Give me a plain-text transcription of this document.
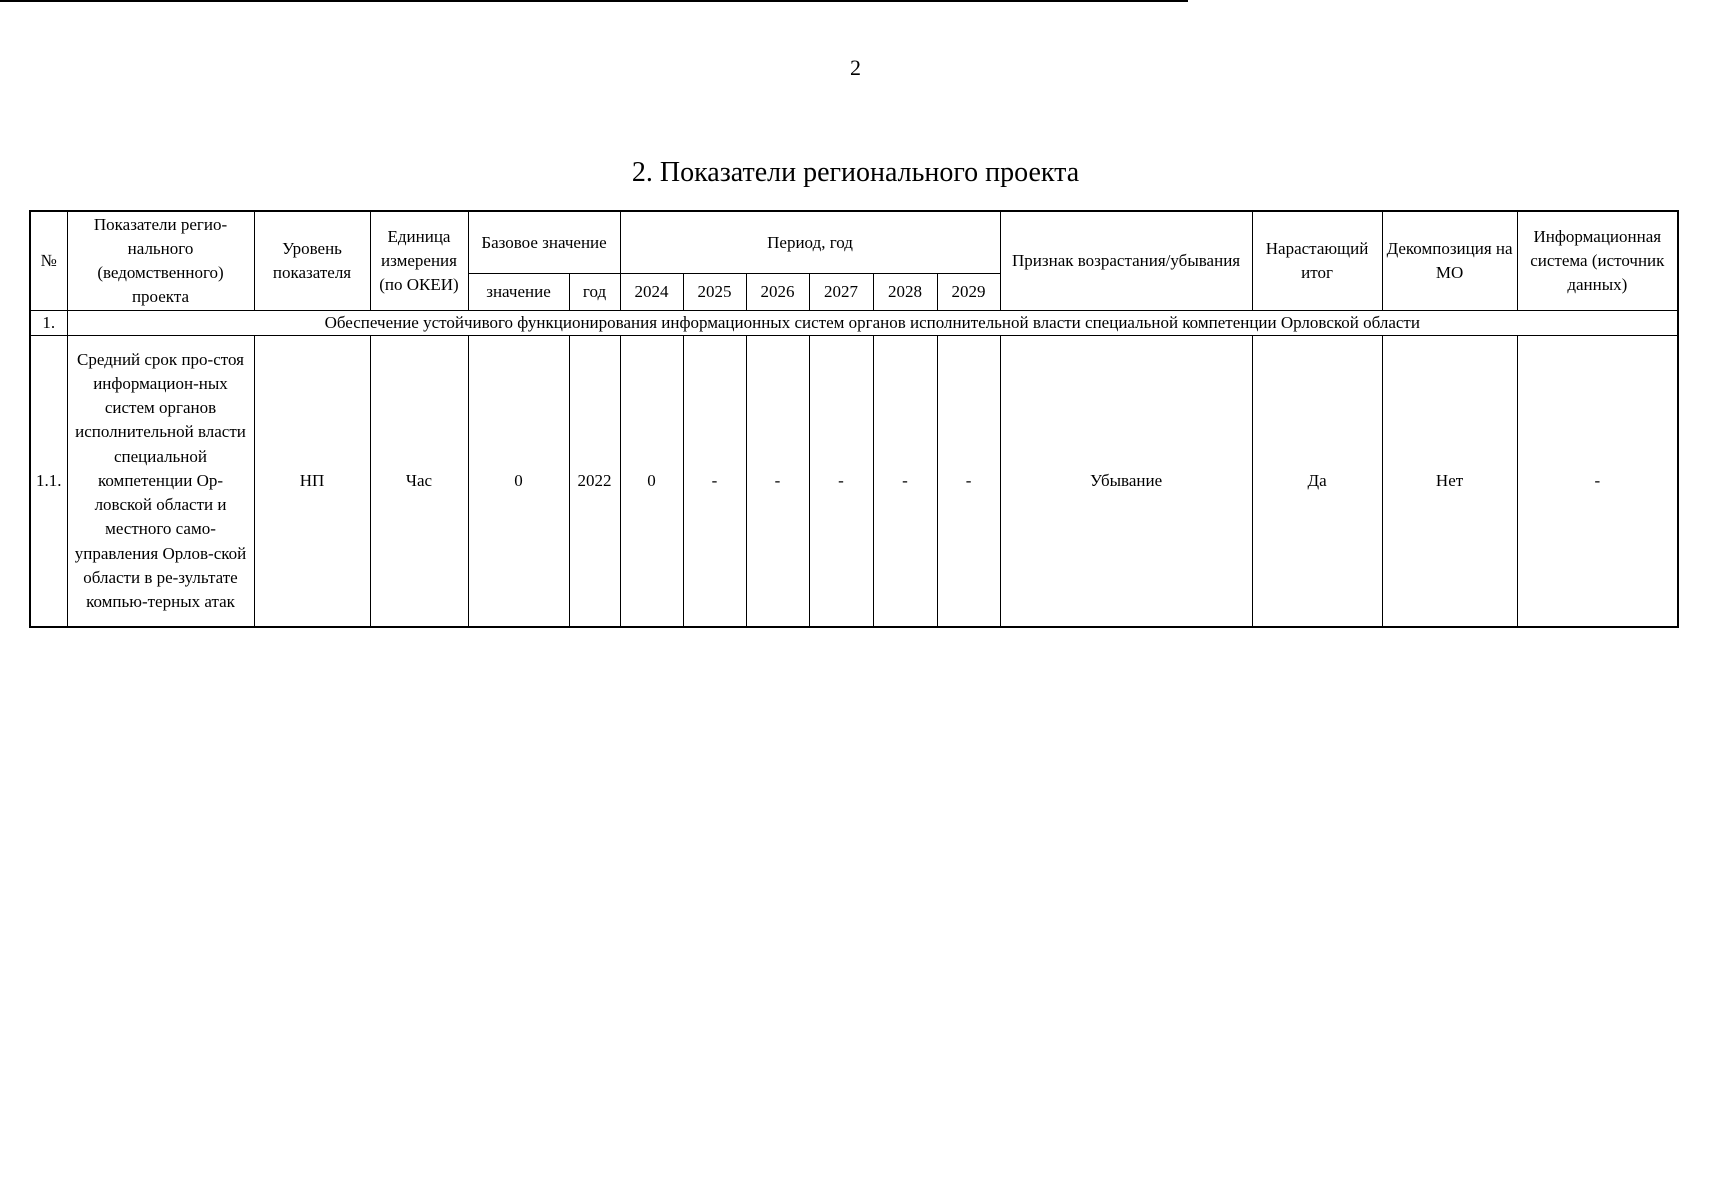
2
2. Показатели регионального проекта
№	Показатели регио-нального (ведомственного) проекта	Уровень показателя	Единица измерения (по ОКЕИ)	Базовое значение		Период, год						Признак возрастания/убывания	Нарастающий итог	Декомпозиция на МО	Информационная система (источник данных)
				значение	год	2024	2025	2026	2027	2028	2029				
1.	Обеспечение устойчивого функционирования информационных систем органов исполнительной власти специальной компетенции Орловской области														
1.1.	Средний срок про-стоя информацион-ных систем органов исполнительной власти специальной компетенции Ор-ловской области и местного само-управления Орлов-ской области в ре-зультате компью-терных атак	НП	Час	0	2022	0	-	-	-	-	-	Убывание	Да	Нет	-
